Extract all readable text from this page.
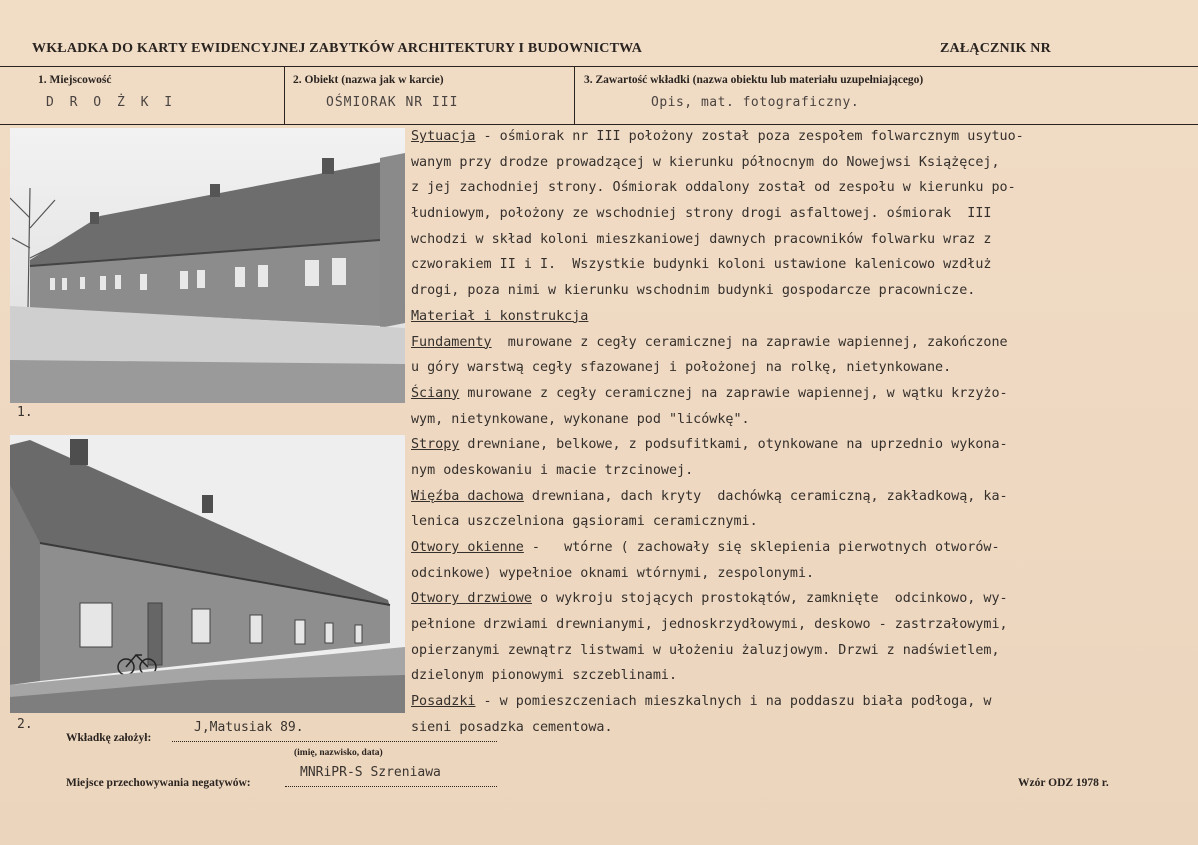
WKŁADKA DO KARTY EWIDENCYJNEJ ZABYTKÓW ARCHITEKTURY I BUDOWNICTWA	ZAŁĄCZNIK NR
1. Miejscowość
D R O Ż K I
2. Obiekt (nazwa jak w karcie)
OŚMIORAK NR III
3. Zawartość wkładki (nazwa obiektu lub materiału uzupełniającego)
Opis, mat. fotograficzny.
1.
2.
Sytuacja - ośmiorak nr III położony został poza zespołem folwarcznym usytuo-
wanym przy drodze prowadzącej w kierunku północnym do Nowejwsi Książęcej,
z jej zachodniej strony. Ośmiorak oddalony został od zespołu w kierunku po-
łudniowym, położony ze wschodniej strony drogi asfaltowej. ośmiorak  III
wchodzi w skład koloni mieszkaniowej dawnych pracowników folwarku wraz z
czworakiem II i I.  Wszystkie budynki koloni ustawione kalenicowo wzdłuż
drogi, poza nimi w kierunku wschodnim budynki gospodarcze pracownicze.
Materiał i konstrukcja
Fundamenty  murowane z cegły ceramicznej na zaprawie wapiennej, zakończone
u góry warstwą cegły sfazowanej i położonej na rolkę, nietynkowane.
Ściany murowane z cegły ceramicznej na zaprawie wapiennej, w wątku krzyżo-
wym, nietynkowane, wykonane pod "licówkę".
Stropy drewniane, belkowe, z podsufitkami, otynkowane na uprzednio wykona-
nym odeskowaniu i macie trzcinowej.
Więźba dachowa drewniana, dach kryty  dachówką ceramiczną, zakładkową, ka-
lenica uszczelniona gąsiorami ceramicznymi.
Otwory okienne -   wtórne ( zachowały się sklepienia pierwotnych otworów-
odcinkowe) wypełnioe oknami wtórnymi, zespolonymi.
Otwory drzwiowe o wykroju stojących prostokątów, zamknięte  odcinkowo, wy-
pełnione drzwiami drewnianymi, jednoskrzydłowymi, deskowo - zastrzałowymi,
opierzanymi zewnątrz listwami w ułożeniu żaluzjowym. Drzwi z nadświetlem,
dzielonym pionowymi szczeblinami.
Posadzki - w pomieszczeniach mieszkalnych i na poddaszu biała podłoga, w
sieni posadzka cementowa.
Wkładkę założył:
J,Matusiak 89.
(imię, nazwisko, data)
Miejsce przechowywania negatywów:
MNRiPR-S Szreniawa
Wzór ODZ 1978 r.
